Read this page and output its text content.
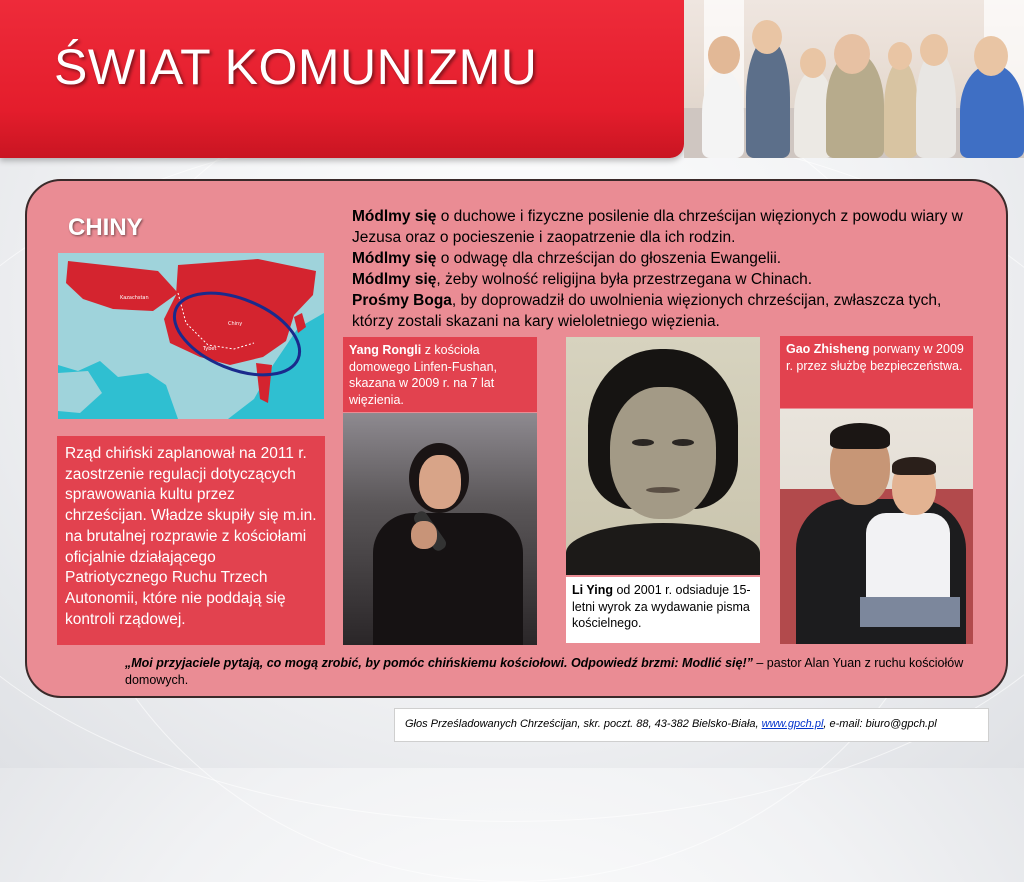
ŚWIAT KOMUNIZMU
CHINY
Kazachstan
Chiny
Tybet
Rząd chiński zaplanował na 2011 r. zaostrzenie regulacji dotyczących sprawowania kultu przez chrześcijan. Władze skupiły się m.in. na brutalnej rozprawie z kościołami oficjalnie działającego Patriotycznego Ruchu Trzech Autonomii, które nie poddają się kontroli rządowej.

Módlmy się o duchowe i fizyczne posilenie dla chrześcijan więzionych z powodu wiary w Jezusa oraz o pocieszenie i zaopatrzenie dla ich rodzin.
Módlmy się o odwagę dla chrześcijan do głoszenia Ewangelii.
Módlmy się, żeby wolność religijna była przestrzegana w Chinach.
Prośmy Boga, by doprowadził do uwolnienia więzionych chrześcijan, zwłaszcza tych, którzy zostali skazani na kary wieloletniego więzienia.

Yang Rongli z kościoła domowego Linfen-Fushan, skazana w 2009 r. na 7 lat więzienia.
Li Ying od 2001 r. odsiaduje 15-letni wyrok za wydawanie pisma kościelnego.
Gao Zhisheng porwany w 2009 r. przez służbę bezpieczeństwa.

„Moi przyjaciele pytają, co mogą zrobić, by pomóc chińskiemu kościołowi. Odpowiedź brzmi: Modlić się!” – pastor Alan Yuan z ruchu kościołów domowych.

Głos Prześladowanych Chrześcijan, skr. poczt. 88, 43-382 Bielsko-Biała, www.gpch.pl, e-mail: biuro@gpch.pl
